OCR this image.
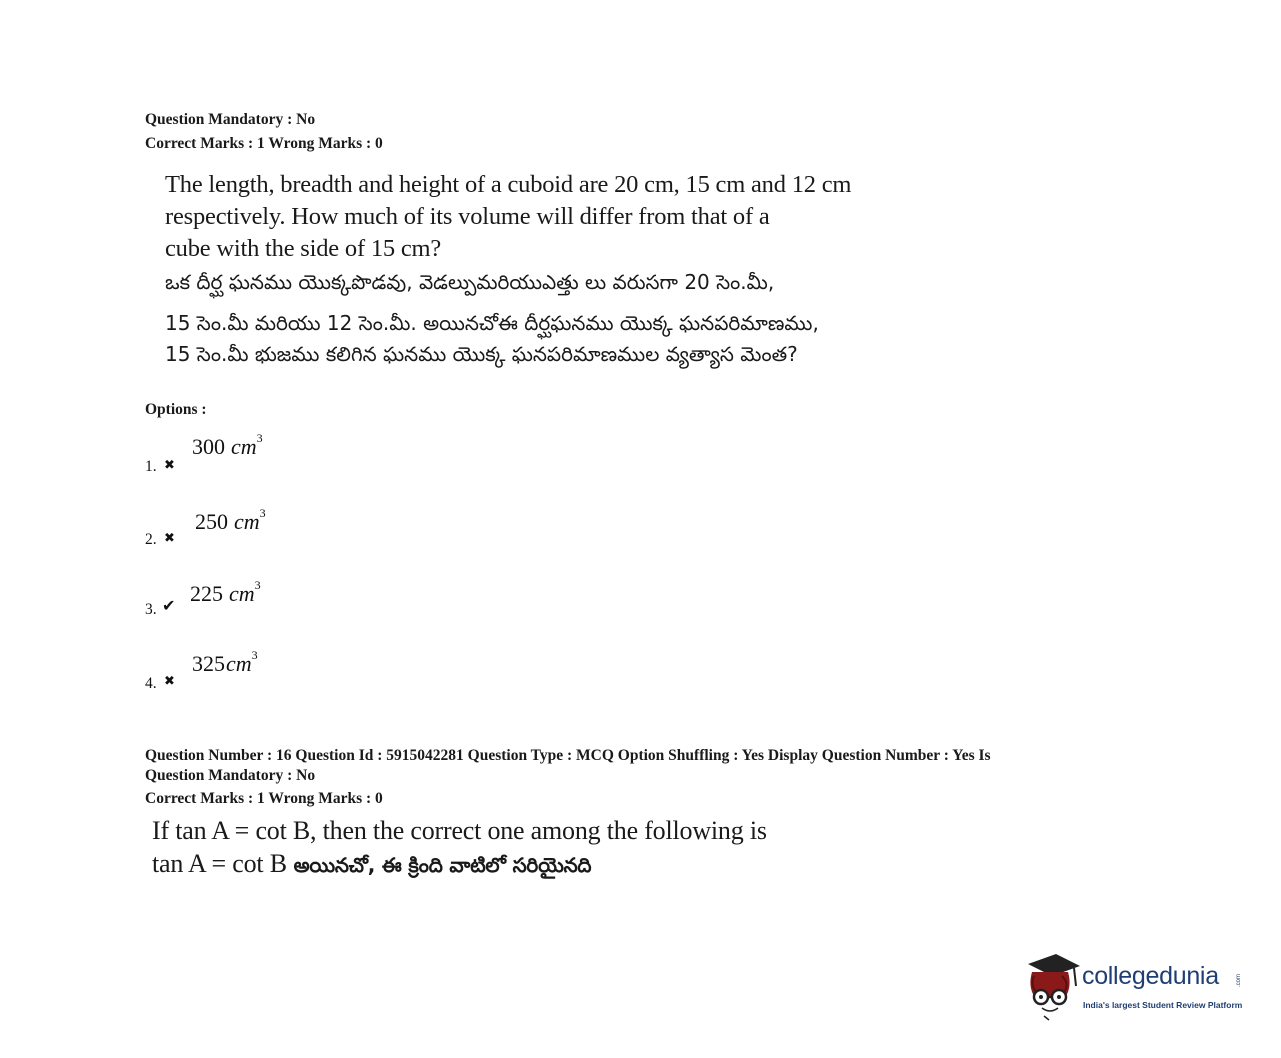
Question Mandatory : No
Correct Marks : 1 Wrong Marks : 0
The length, breadth and height of a cuboid are 20 cm, 15 cm and 12 cm
respectively. How much of its volume will differ from that of a
cube with the side of 15 cm?
ఒక దీర్ఘ ఘనము యొక్కపొడవు, వెడల్పుమరియుఎత్తు లు వరుసగా 20 సెం.మీ,
15 సెం.మీ మరియు 12 సెం.మీ. అయినచోఈ దీర్ఘఘనము యొక్క ఘనపరిమాణము,
15 సెం.మీ భుజము కలిగిన ఘనము యొక్క ఘనపరిమాణముల వ్యత్యాస మెంత?
Options :
1. ✖
300 $cm^3$
2. ✖
250 $cm^3$
3. ✔ 225 $cm^3$
4. ✖
$325cm^3$
Question Number : 16 Question Id : 5915042281 Question Type : MCQ Option Shuffling : Yes Display Question Number : Yes Is
Question Mandatory : No
Correct Marks : 1 Wrong Marks : 0
If tan A = cot B, then the correct one among the following is
tan A = cot B అయినచో, ఈ క్రింది వాటిలో సరియైనది
collegedunia	.com
India's largest Student Review Platform
